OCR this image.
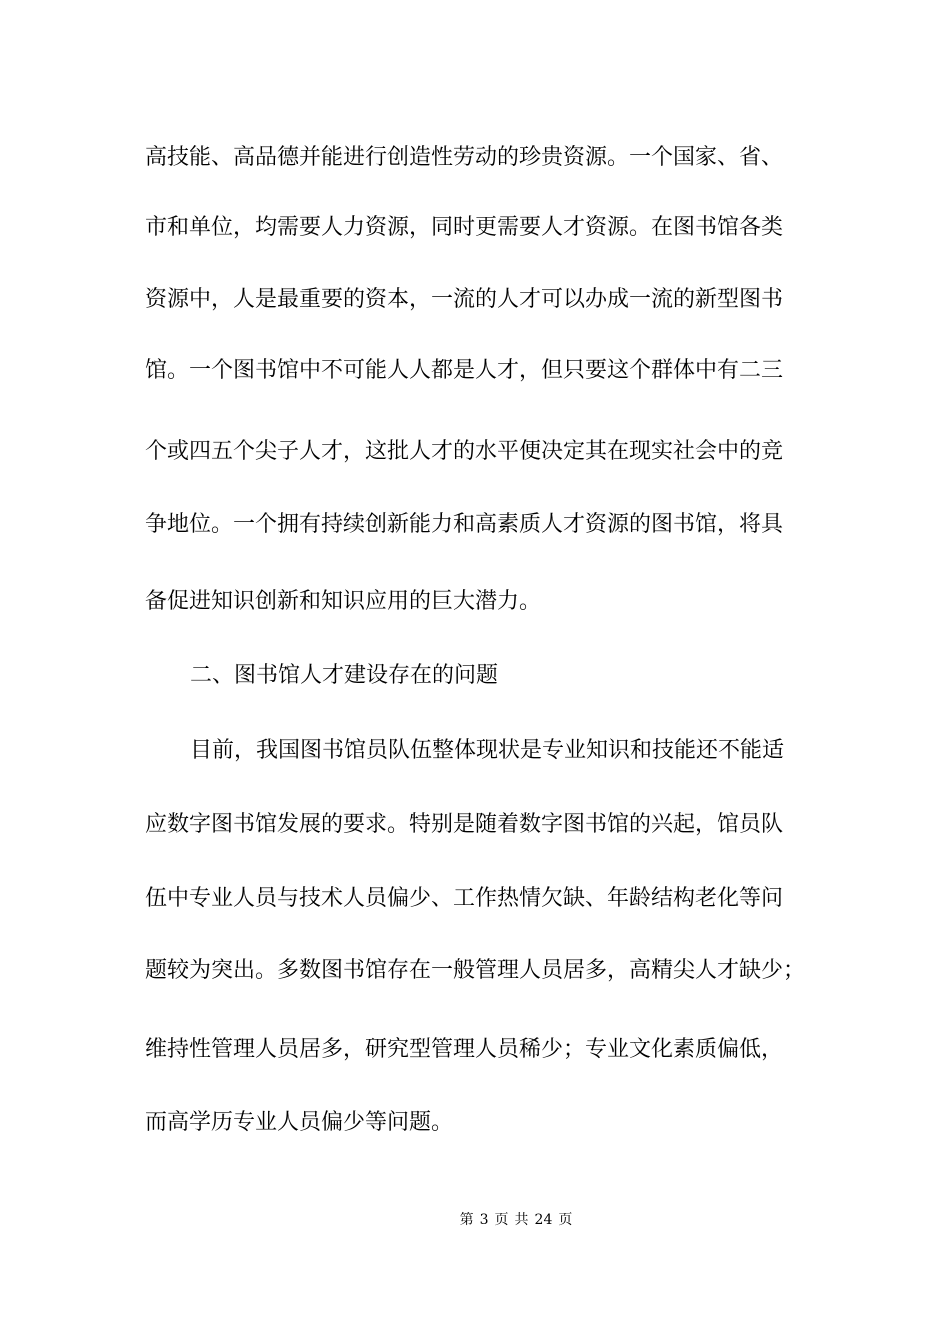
高技能、高品德并能进行创造性劳动的珍贵资源。一个国家、省、
市和单位，均需要人力资源，同时更需要人才资源。在图书馆各类
资源中，人是最重要的资本，一流的人才可以办成一流的新型图书
馆。一个图书馆中不可能人人都是人才，但只要这个群体中有二三
个或四五个尖子人才，这批人才的水平便决定其在现实社会中的竞
争地位。一个拥有持续创新能力和高素质人才资源的图书馆，将具
备促进知识创新和知识应用的巨大潜力。
二、图书馆人才建设存在的问题
目前，我国图书馆员队伍整体现状是专业知识和技能还不能适
应数字图书馆发展的要求。特别是随着数字图书馆的兴起，馆员队
伍中专业人员与技术人员偏少、工作热情欠缺、年龄结构老化等问
题较为突出。多数图书馆存在一般管理人员居多，高精尖人才缺少；
维持性管理人员居多，研究型管理人员稀少；专业文化素质偏低，
而高学历专业人员偏少等问题。
第 3 页 共 24 页
